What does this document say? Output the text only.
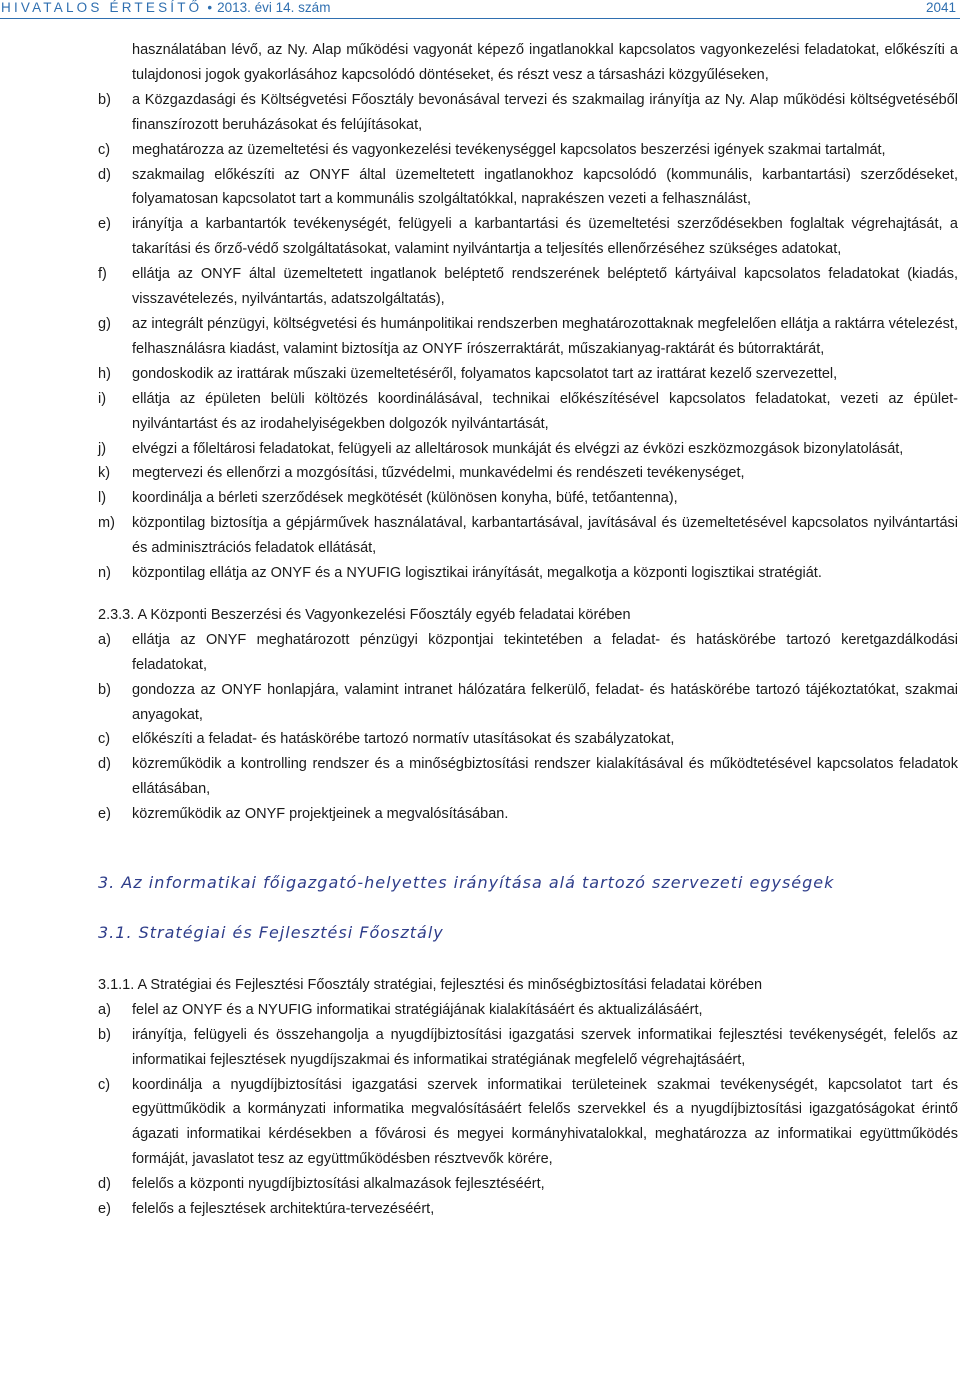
HIVATALOS ÉRTESÍTŐ • 2013. évi 14. szám	2041

használatában lévő, az Ny. Alap működési vagyonát képező ingatlanokkal kapcsolatos vagyonkezelési feladatokat, előkészíti a tulajdonosi jogok gyakorlásához kapcsolódó döntéseket, és részt vesz a társasházi közgyűléseken,

b)	a Közgazdasági és Költségvetési Főosztály bevonásával tervezi és szakmailag irányítja az Ny. Alap működési költségvetéséből finanszírozott beruházásokat és felújításokat,
c)	meghatározza az üzemeltetési és vagyonkezelési tevékenységgel kapcsolatos beszerzési igények szakmai tartalmát,
d)	szakmailag előkészíti az ONYF által üzemeltetett ingatlanokhoz kapcsolódó (kommunális, karbantartási) szerződéseket, folyamatosan kapcsolatot tart a kommunális szolgáltatókkal, naprakészen vezeti a felhasználást,
e)	irányítja a karbantartók tevékenységét, felügyeli a karbantartási és üzemeltetési szerződésekben foglaltak végrehajtását, a takarítási és őrző-védő szolgáltatásokat, valamint nyilvántartja a teljesítés ellenőrzéséhez szükséges adatokat,
f)	ellátja az ONYF által üzemeltetett ingatlanok beléptető rendszerének beléptető kártyáival kapcsolatos feladatokat (kiadás, visszavételezés, nyilvántartás, adatszolgáltatás),
g)	az integrált pénzügyi, költségvetési és humánpolitikai rendszerben meghatározottaknak megfelelően ellátja a raktárra vételezést, felhasználásra kiadást, valamint biztosítja az ONYF írószerraktárát, műszakianyag-raktárát és bútorraktárát,
h)	gondoskodik az irattárak műszaki üzemeltetéséről, folyamatos kapcsolatot tart az irattárat kezelő szervezettel,
i)	ellátja az épületen belüli költözés koordinálásával, technikai előkészítésével kapcsolatos feladatokat, vezeti az épület-nyilvántartást és az irodahelyiségekben dolgozók nyilvántartását,
j)	elvégzi a főleltárosi feladatokat, felügyeli az alleltárosok munkáját és elvégzi az évközi eszközmozgások bizonylatolását,
k)	megtervezi és ellenőrzi a mozgósítási, tűzvédelmi, munkavédelmi és rendészeti tevékenységet,
l)	koordinálja a bérleti szerződések megkötését (különösen konyha, büfé, tetőantenna),
m)	központilag biztosítja a gépjárművek használatával, karbantartásával, javításával és üzemeltetésével kapcsolatos nyilvántartási és adminisztrációs feladatok ellátását,
n)	központilag ellátja az ONYF és a NYUFIG logisztikai irányítását, megalkotja a központi logisztikai stratégiát.

2.3.3. A Központi Beszerzési és Vagyonkezelési Főosztály egyéb feladatai körében

a)	ellátja az ONYF meghatározott pénzügyi központjai tekintetében a feladat- és hatáskörébe tartozó keretgazdálkodási feladatokat,
b)	gondozza az ONYF honlapjára, valamint intranet hálózatára felkerülő, feladat- és hatáskörébe tartozó tájékoztatókat, szakmai anyagokat,
c)	előkészíti a feladat- és hatáskörébe tartozó normatív utasításokat és szabályzatokat,
d)	közreműködik a kontrolling rendszer és a minőségbiztosítási rendszer kialakításával és működtetésével kapcsolatos feladatok ellátásában,
e)	közreműködik az ONYF projektjeinek a megvalósításában.

3. Az informatikai főigazgató-helyettes irányítása alá tartozó szervezeti egységek

3.1. Stratégiai és Fejlesztési Főosztály

3.1.1. A Stratégiai és Fejlesztési Főosztály stratégiai, fejlesztési és minőségbiztosítási feladatai körében

a)	felel az ONYF és a NYUFIG informatikai stratégiájának kialakításáért és aktualizálásáért,
b)	irányítja, felügyeli és összehangolja a nyugdíjbiztosítási igazgatási szervek informatikai fejlesztési tevékenységét, felelős az informatikai fejlesztések nyugdíjszakmai és informatikai stratégiának megfelelő végrehajtásáért,
c)	koordinálja a nyugdíjbiztosítási igazgatási szervek informatikai területeinek szakmai tevékenységét, kapcsolatot tart és együttműködik a kormányzati informatika megvalósításáért felelős szervekkel és a nyugdíjbiztosítási igazgatóságokat érintő ágazati informatikai kérdésekben a fővárosi és megyei kormányhivatalokkal, meghatározza az informatikai együttműködés formáját, javaslatot tesz az együttműködésben résztvevők körére,
d)	felelős a központi nyugdíjbiztosítási alkalmazások fejlesztéséért,
e)	felelős a fejlesztések architektúra-tervezéséért,
